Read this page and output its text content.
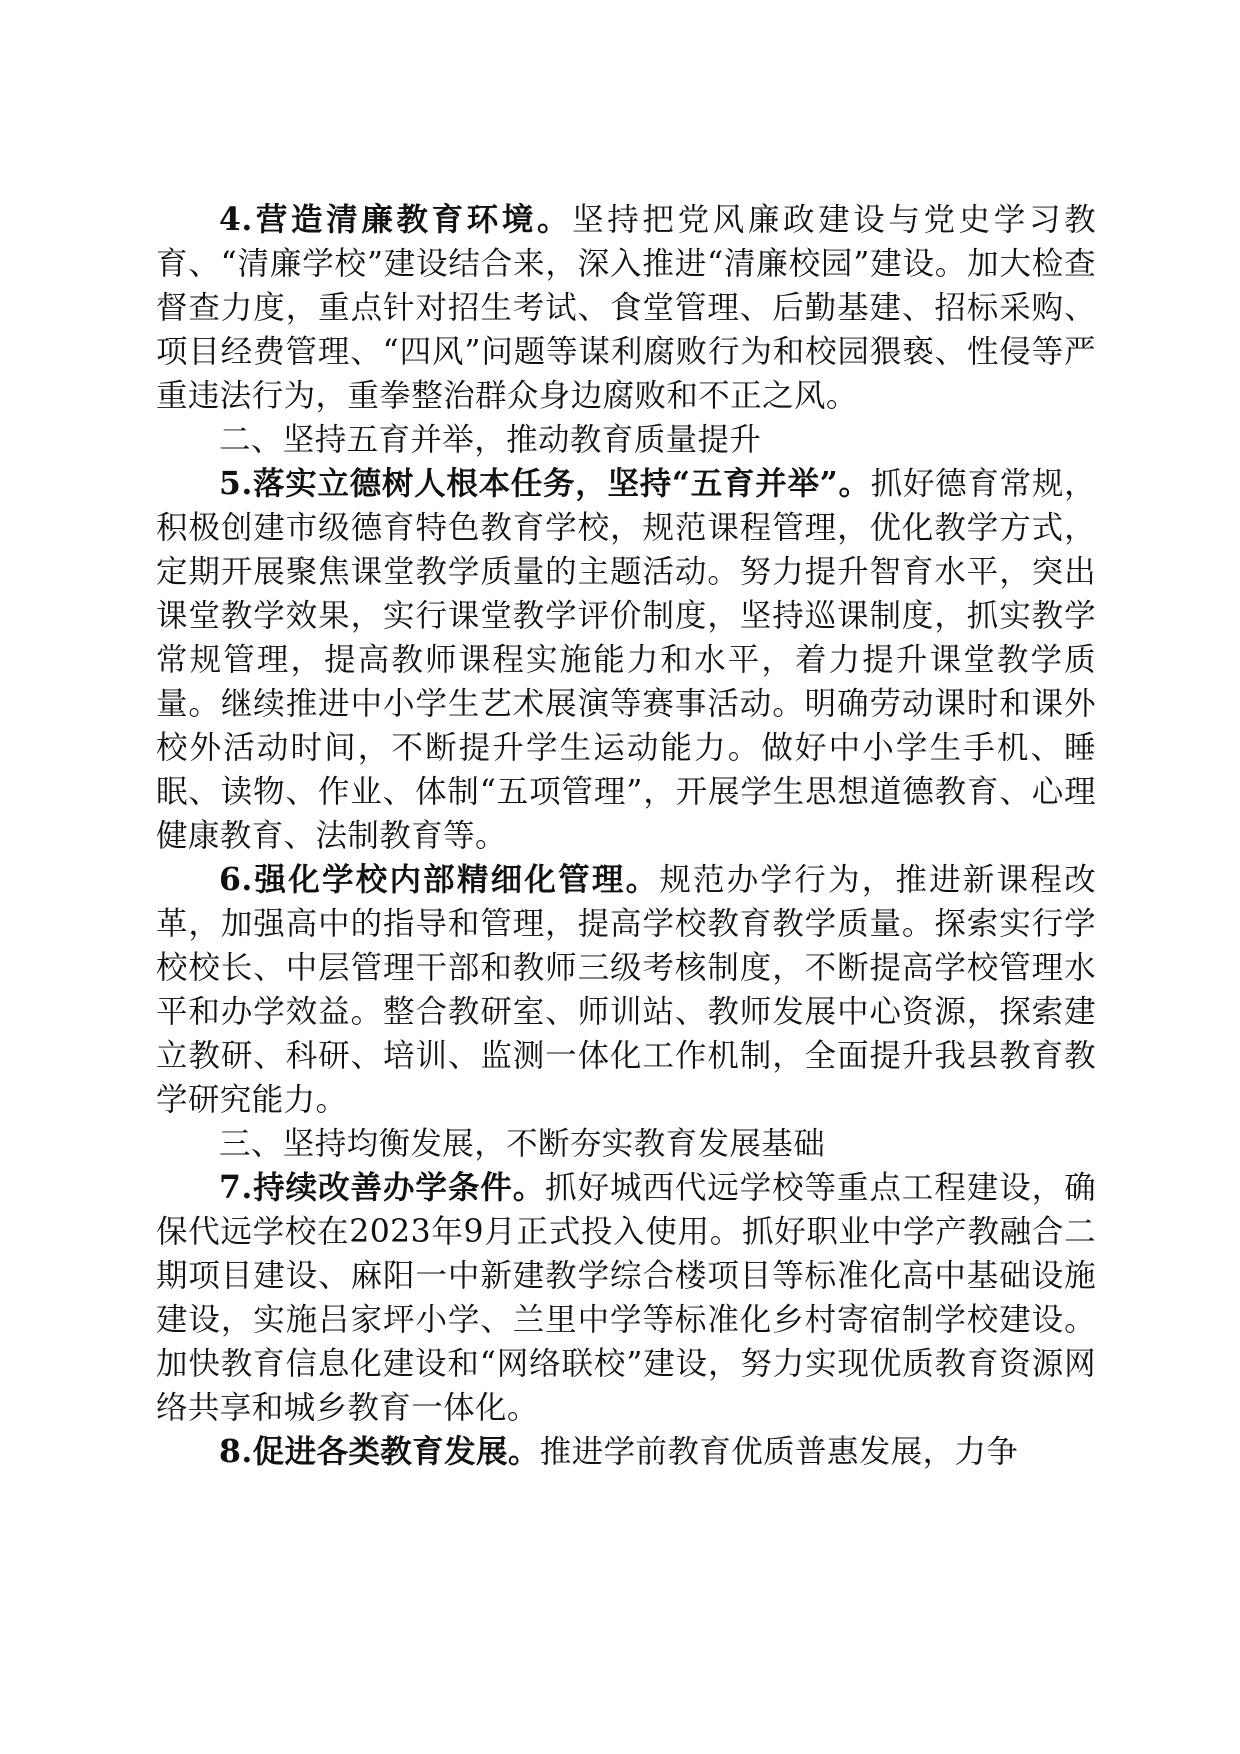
4.营造清廉教育环境。坚持把党风廉政建设与党史学习教育、“清廉学校”建设结合来，深入推进“清廉校园”建设。加大检查督查力度，重点针对招生考试、食堂管理、后勤基建、招标采购、项目经费管理、“四风”问题等谋利腐败行为和校园猥亵、性侵等严重违法行为，重拳整治群众身边腐败和不正之风。

二、坚持五育并举，推动教育质量提升

5.落实立德树人根本任务，坚持“五育并举”。抓好德育常规，积极创建市级德育特色教育学校，规范课程管理，优化教学方式，定期开展聚焦课堂教学质量的主题活动。努力提升智育水平，突出课堂教学效果，实行课堂教学评价制度，坚持巡课制度，抓实教学常规管理，提高教师课程实施能力和水平，着力提升课堂教学质量。继续推进中小学生艺术展演等赛事活动。明确劳动课时和课外校外活动时间，不断提升学生运动能力。做好中小学生手机、睡眠、读物、作业、体制“五项管理”，开展学生思想道德教育、心理健康教育、法制教育等。

6.强化学校内部精细化管理。规范办学行为，推进新课程改革，加强高中的指导和管理，提高学校教育教学质量。探索实行学校校长、中层管理干部和教师三级考核制度，不断提高学校管理水平和办学效益。整合教研室、师训站、教师发展中心资源，探索建立教研、科研、培训、监测一体化工作机制，全面提升我县教育教学研究能力。

三、坚持均衡发展，不断夯实教育发展基础

7.持续改善办学条件。抓好城西代远学校等重点工程建设，确保代远学校在2023年9月正式投入使用。抓好职业中学产教融合二期项目建设、麻阳一中新建教学综合楼项目等标准化高中基础设施建设，实施吕家坪小学、兰里中学等标准化乡村寄宿制学校建设。加快教育信息化建设和“网络联校”建设，努力实现优质教育资源网络共享和城乡教育一体化。

8.促进各类教育发展。推进学前教育优质普惠发展，力争
